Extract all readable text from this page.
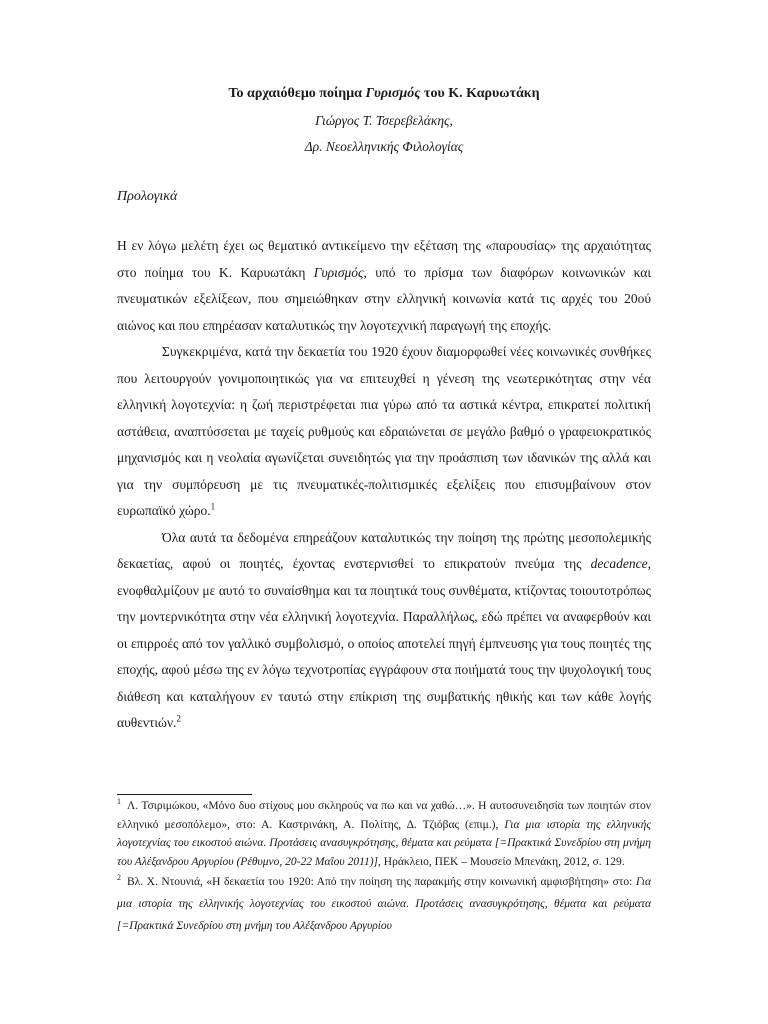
Το αρχαιόθεμο ποίημα Γυρισμός του Κ. Καρυωτάκη
Γιώργος Τ. Τσερεβελάκης,
Δρ. Νεοελληνικής Φιλολογίας
Προλογικά

Η εν λόγω μελέτη έχει ως θεματικό αντικείμενο την εξέταση της «παρουσίας» της αρχαιότητας στο ποίημα του Κ. Καρυωτάκη Γυρισμός, υπό το πρίσμα των διαφόρων κοινωνικών και πνευματικών εξελίξεων, που σημειώθηκαν στην ελληνική κοινωνία κατά τις αρχές του 20ού αιώνος και που επηρέασαν καταλυτικώς την λογοτεχνική παραγωγή της εποχής.

Συγκεκριμένα, κατά την δεκαετία του 1920 έχουν διαμορφωθεί νέες κοινωνικές συνθήκες που λειτουργούν γονιμοποιητικώς για να επιτευχθεί η γένεση της νεωτερικότητας στην νέα ελληνική λογοτεχνία: η ζωή περιστρέφεται πια γύρω από τα αστικά κέντρα, επικρατεί πολιτική αστάθεια, αναπτύσσεται με ταχείς ρυθμούς και εδραιώνεται σε μεγάλο βαθμό ο γραφειοκρατικός μηχανισμός και η νεολαία αγωνίζεται συνειδητώς για την προάσπιση των ιδανικών της αλλά και για την συμπόρευση με τις πνευματικές-πολιτισμικές εξελίξεις που επισυμβαίνουν στον ευρωπαϊκό χώρο.$^1$

Όλα αυτά τα δεδομένα επηρεάζουν καταλυτικώς την ποίηση της πρώτης μεσοπολεμικής δεκαετίας, αφού οι ποιητές, έχοντας ενστερνισθεί το επικρατούν πνεύμα της decadence, ενοφθαλμίζουν με αυτό το συναίσθημα και τα ποιητικά τους συνθέματα, κτίζοντας τοιουτοτρόπως την μοντερνικότητα στην νέα ελληνική λογοτεχνία. Παραλλήλως, εδώ πρέπει να αναφερθούν και οι επιρροές από τον γαλλικό συμβολισμό, ο οποίος αποτελεί πηγή έμπνευσης για τους ποιητές της εποχής, αφού μέσω της εν λόγω τεχνοτροπίας εγγράφουν στα ποιήματά τους την ψυχολογική τους διάθεση και καταλήγουν εν ταυτώ στην επίκριση της συμβατικής ηθικής και των κάθε λογής αυθεντιών.$^2$

$^1$ Λ. Τσιριμώκου, «Μόνο δυο στίχους μου σκληρούς να πω και να χαθώ…». Η αυτοσυνειδησία των ποιητών στον ελληνικό μεσοπόλεμο», στο: Α. Καστρινάκη, Α. Πολίτης, Δ. Τζιόβας (επιμ.), Για μια ιστορία της ελληνικής λογοτεχνίας του εικοστού αιώνα. Προτάσεις ανασυγκρότησης, θέματα και ρεύματα [=Πρακτικά Συνεδρίου στη μνήμη του Αλέξανδρου Αργυρίου (Ρέθυμνο, 20-22 Μαΐου 2011)], Ηράκλειο, ΠΕΚ – Μουσείο Μπενάκη, 2012, σ. 129.

$^2$ Βλ. Χ. Ντουνιά, «Η δεκαετία του 1920: Από την ποίηση της παρακμής στην κοινωνική αμφισβήτηση» στο: Για μια ιστορία της ελληνικής λογοτεχνίας του εικοστού αιώνα. Προτάσεις ανασυγκρότησης, θέματα και ρεύματα [=Πρακτικά Συνεδρίου στη μνήμη του Αλέξανδρου Αργυρίου
